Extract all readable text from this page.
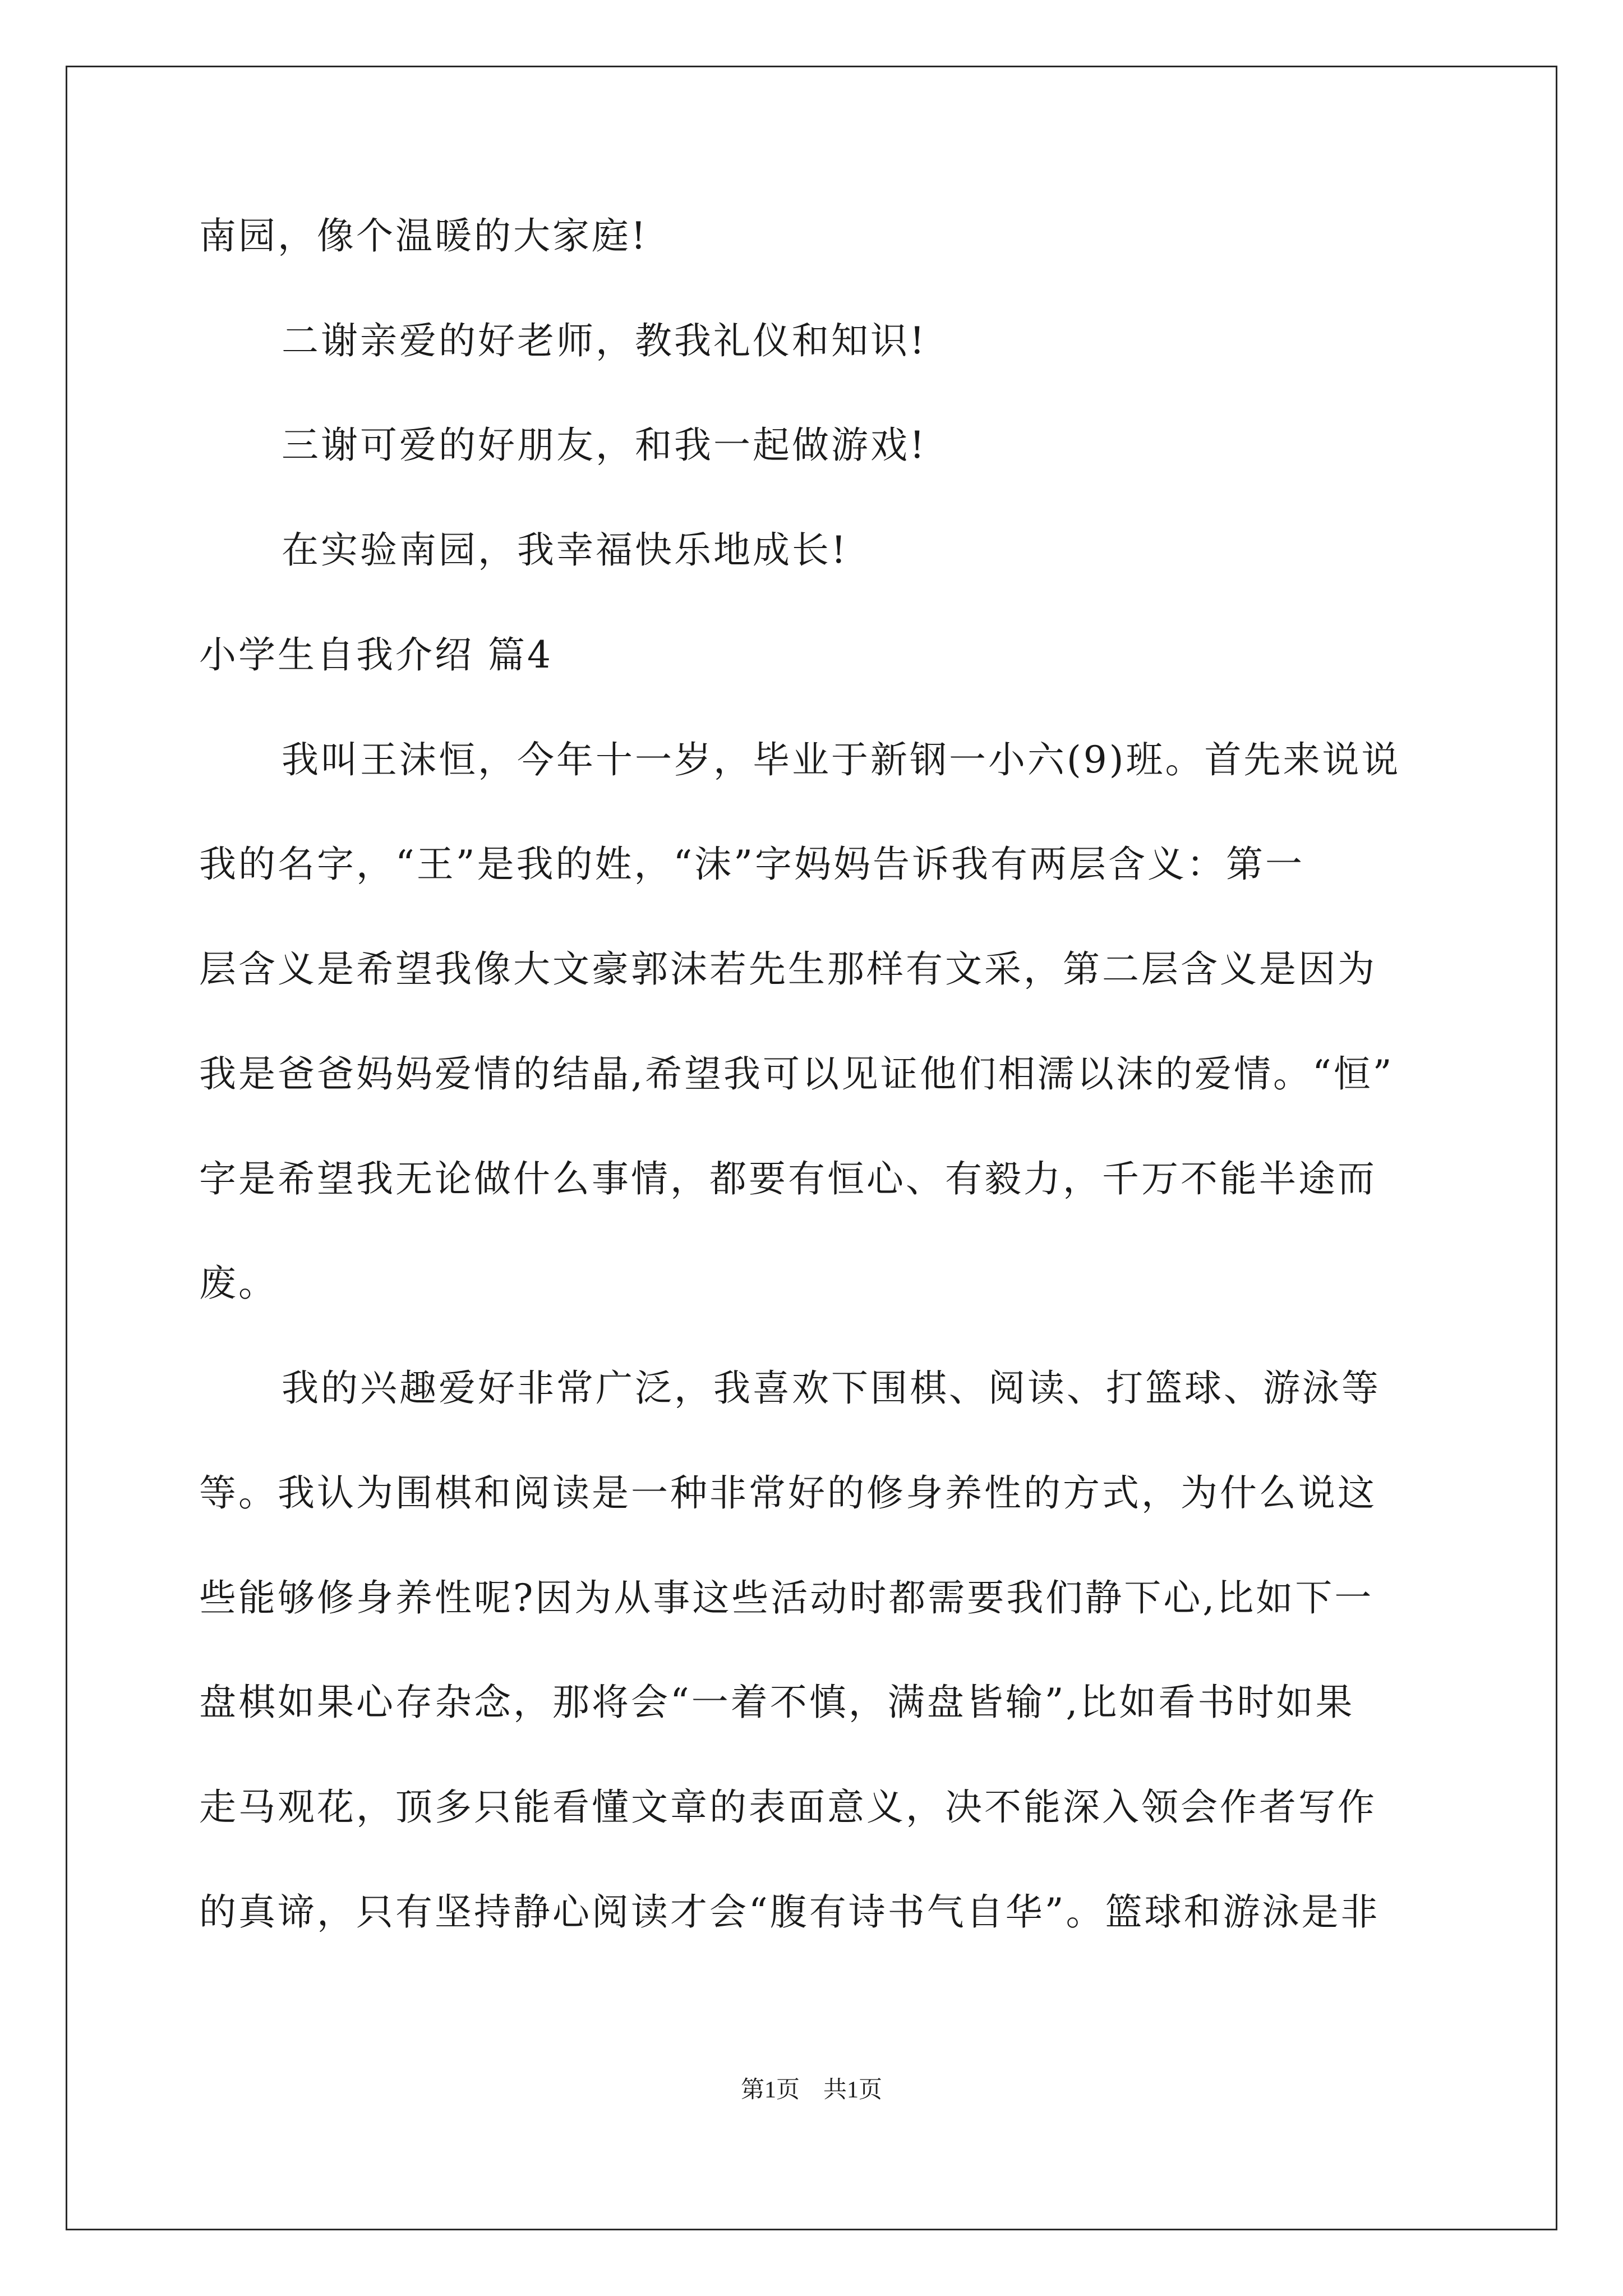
南园，像个温暖的大家庭!
二谢亲爱的好老师，教我礼仪和知识!
三谢可爱的好朋友，和我一起做游戏!
在实验南园，我幸福快乐地成长!
小学生自我介绍 篇4
我叫王沫恒，今年十一岁，毕业于新钢一小六(9)班。首先来说说
我的名字，“王”是我的姓，“沫”字妈妈告诉我有两层含义：第一
层含义是希望我像大文豪郭沫若先生那样有文采，第二层含义是因为
我是爸爸妈妈爱情的结晶,希望我可以见证他们相濡以沫的爱情。“恒”
字是希望我无论做什么事情，都要有恒心、有毅力，千万不能半途而
废。
我的兴趣爱好非常广泛，我喜欢下围棋、阅读、打篮球、游泳等
等。我认为围棋和阅读是一种非常好的修身养性的方式，为什么说这
些能够修身养性呢?因为从事这些活动时都需要我们静下心,比如下一
盘棋如果心存杂念，那将会“一着不慎，满盘皆输”,比如看书时如果
走马观花，顶多只能看懂文章的表面意义，决不能深入领会作者写作
的真谛，只有坚持静心阅读才会“腹有诗书气自华”。篮球和游泳是非
第1页　共1页
